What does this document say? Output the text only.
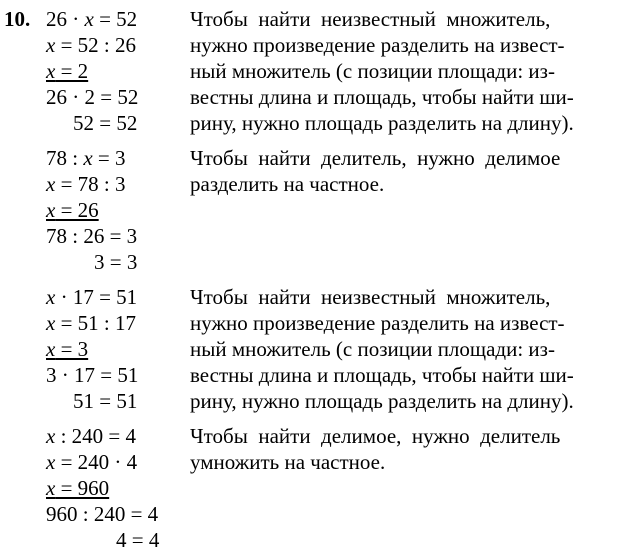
10. 26 · x = 52
x = 52 : 26
x = 2
26 · 2 = 52
52 = 52
Чтобы  найти  неизвестный  множитель,
нужно произведение разделить на извест-
ный множитель (с позиции площади: из-
вестны длина и площадь, чтобы найти ши-
рину, нужно площадь разделить на длину).
78 : x = 3
x = 78 : 3
x = 26
78 : 26 = 3
3 = 3
Чтобы  найти  делитель,  нужно  делимое
разделить на частное.
x · 17 = 51
x = 51 : 17
x = 3
3 · 17 = 51
51 = 51
Чтобы  найти  неизвестный  множитель,
нужно произведение разделить на извест-
ный множитель (с позиции площади: из-
вестны длина и площадь, чтобы найти ши-
рину, нужно площадь разделить на длину).
x : 240 = 4
x = 240 · 4
x = 960
960 : 240 = 4
4 = 4
Чтобы  найти  делимое,  нужно  делитель
умножить на частное.
